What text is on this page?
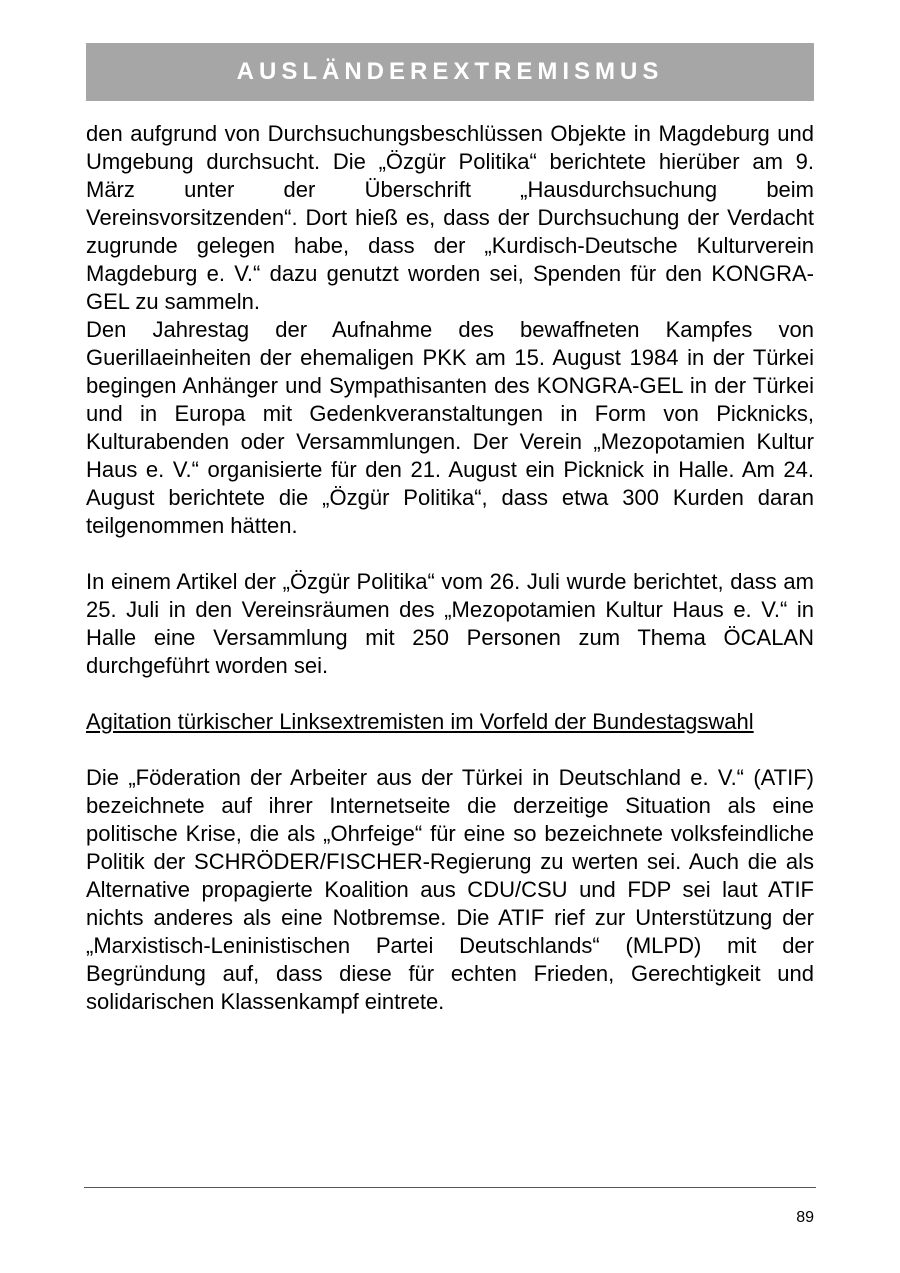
AUSLÄNDEREXTREMISMUS

den aufgrund von Durchsuchungsbeschlüssen Objekte in Magdeburg und Umgebung durchsucht. Die „Özgür Politika“ berichtete hierüber am 9. März unter der Überschrift „Hausdurchsuchung beim Vereinsvorsitzenden“. Dort hieß es, dass der Durchsuchung der Verdacht zugrunde gelegen habe, dass der „Kurdisch-Deutsche Kulturverein Magdeburg e. V.“ dazu genutzt worden sei, Spenden für den KONGRA-GEL zu sammeln.

Den Jahrestag der Aufnahme des bewaffneten Kampfes von Guerillaeinheiten der ehemaligen PKK am 15. August 1984 in der Türkei begingen Anhänger und Sympathisanten des KONGRA-GEL in der Türkei und in Europa mit Gedenkveranstaltungen in Form von Picknicks, Kulturabenden oder Versammlungen. Der Verein „Mezopotamien Kultur Haus e. V.“ organisierte für den 21. August ein Picknick in Halle. Am 24. August berichtete die „Özgür Politika“, dass etwa 300 Kurden daran teilgenommen hätten.

In einem Artikel der „Özgür Politika“ vom 26. Juli wurde berichtet, dass am 25. Juli in den Vereinsräumen des „Mezopotamien Kultur Haus e. V.“ in Halle eine Versammlung mit 250 Personen zum Thema ÖCALAN durchgeführt worden sei.

Agitation türkischer Linksextremisten im Vorfeld der Bundestagswahl

Die „Föderation der Arbeiter aus der Türkei in Deutschland e. V.“ (ATIF) bezeichnete auf ihrer Internetseite die derzeitige Situation als eine politische Krise, die als „Ohrfeige“ für eine so bezeichnete volksfeindliche Politik der SCHRÖDER/FISCHER-Regierung zu werten sei. Auch die als Alternative propagierte Koalition aus CDU/CSU und FDP sei laut ATIF nichts anderes als eine Notbremse. Die ATIF rief zur Unterstützung der „Marxistisch-Leninistischen Partei Deutschlands“ (MLPD) mit der Begründung auf, dass diese für echten Frieden, Gerechtigkeit und solidarischen Klassenkampf eintrete.

89
